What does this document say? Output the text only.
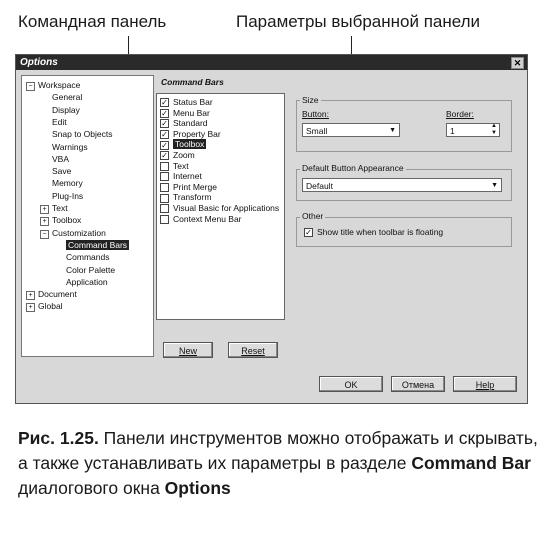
Командная панель	Параметры выбранной панели
Options	✕
− Workspace
General
Display
Edit
Snap to Objects
Warnings
VBA
Save
Memory
Plug-Ins
+ Text
+ Toolbox
− Customization
Command Bars
Commands
Color Palette
Application
+ Document
+ Global
Command Bars
✓ Status Bar
✓ Menu Bar
✓ Standard
✓ Property Bar
✓ Toolbox
✓ Zoom
Text
Internet
Print Merge
Transform
Visual Basic for Applications
Context Menu Bar
New	Reset
Size
Button:
Small	▼
Border:
1	▲
▼
Default Button Appearance
Default	▼
Other
✓ Show title when toolbar is floating
OK	Отмена	Help
Рис. 1.25. Панели инструментов можно отображать и скрывать, а также устанавливать их параметры в разделе Command Bar диалогового окна Options
